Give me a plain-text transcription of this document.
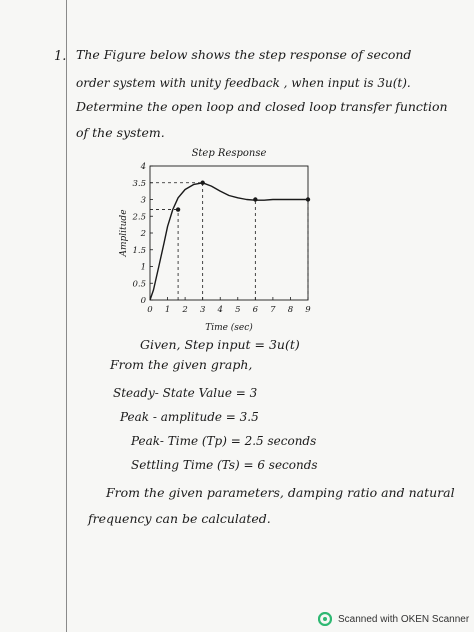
1. The Figure below shows the step response of second
order system with unity feedback , when input is 3u(t).
Determine the open loop and closed loop transfer function
of the system.
Step Response
Time (sec)
Amplitude
0 1 2 3 4 5 6 7 8 9
0
0.5
1
1.5
2
2.5
3
3.5
4
Given, Step input = 3u(t)
From the given graph,
Steady- State Value = 3
Peak - amplitude = 3.5
Peak- Time (Tp) = 2.5 seconds
Settling Time (Ts) = 6 seconds
From the given parameters, damping ratio and natural
frequency can be calculated.
Scanned with OKEN Scanner
